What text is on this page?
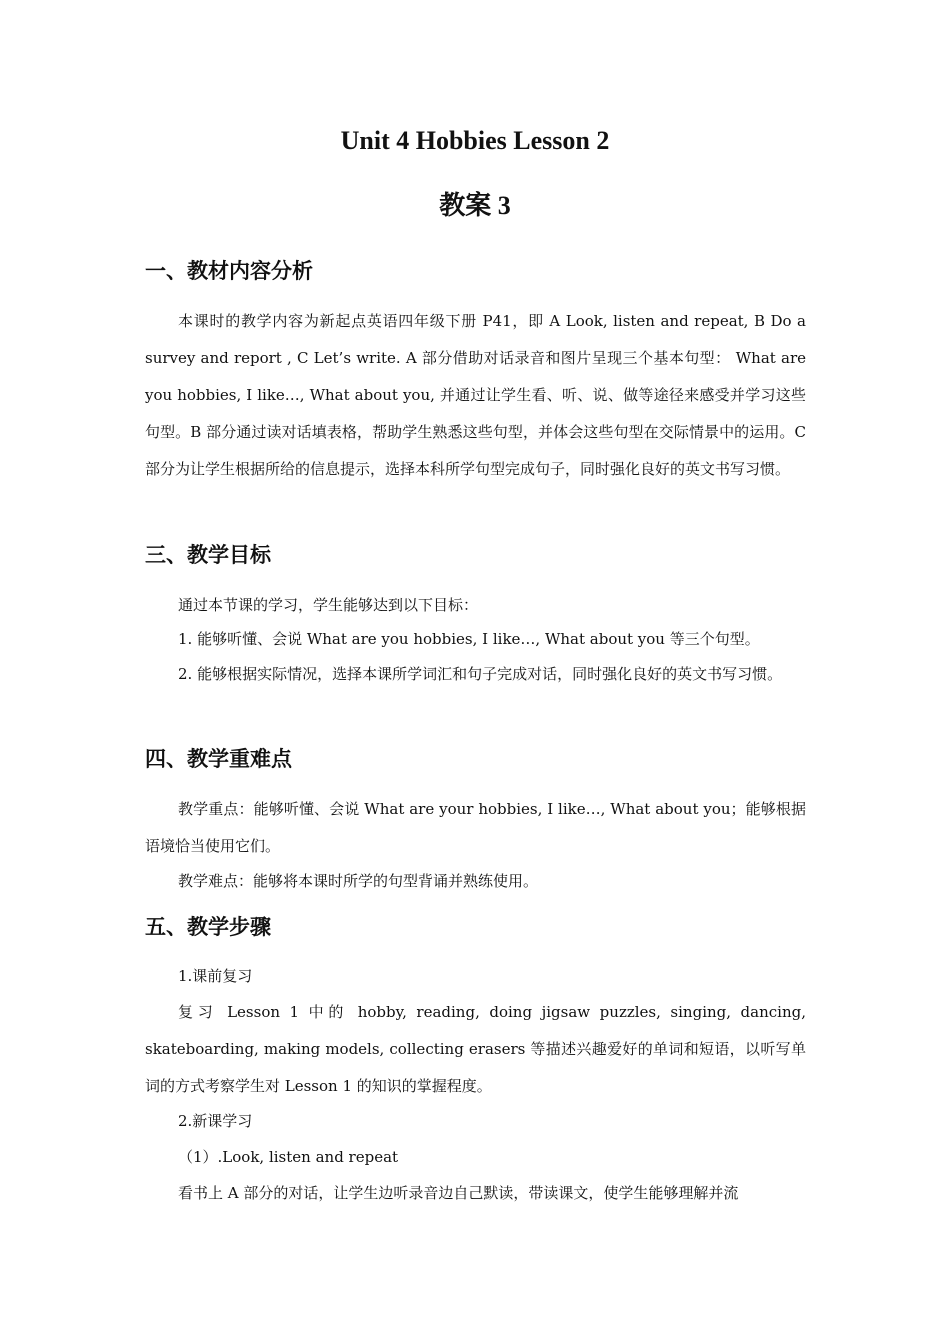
Unit 4 Hobbies Lesson 2
教案 3
一、教材内容分析

本课时的教学内容为新起点英语四年级下册 P41，即 A Look, listen and repeat, B Do a survey and report , C Let’s write. A 部分借助对话录音和图片呈现三个基本句型： What are you hobbies, I like…, What about you, 并通过让学生看、听、说、做等途径来感受并学习这些句型。B 部分通过读对话填表格，帮助学生熟悉这些句型，并体会这些句型在交际情景中的运用。C 部分为让学生根据所给的信息提示，选择本科所学句型完成句子，同时强化良好的英文书写习惯。

三、教学目标

通过本节课的学习，学生能够达到以下目标：

1. 能够听懂、会说 What are you hobbies, I like…, What about you 等三个句型。

2. 能够根据实际情况，选择本课所学词汇和句子完成对话，同时强化良好的英文书写习惯。

四、教学重难点

教学重点：能够听懂、会说 What are your hobbies, I like…, What about you；能够根据语境恰当使用它们。

教学难点：能够将本课时所学的句型背诵并熟练使用。

五、教学步骤

1.课前复习

复习 Lesson 1 中的 hobby, reading, doing jigsaw puzzles, singing, dancing, skateboarding, making models, collecting erasers 等描述兴趣爱好的单词和短语，以听写单词的方式考察学生对 Lesson 1 的知识的掌握程度。

2.新课学习

（1）.Look, listen and repeat

看书上 A 部分的对话，让学生边听录音边自己默读，带读课文，使学生能够理解并流
